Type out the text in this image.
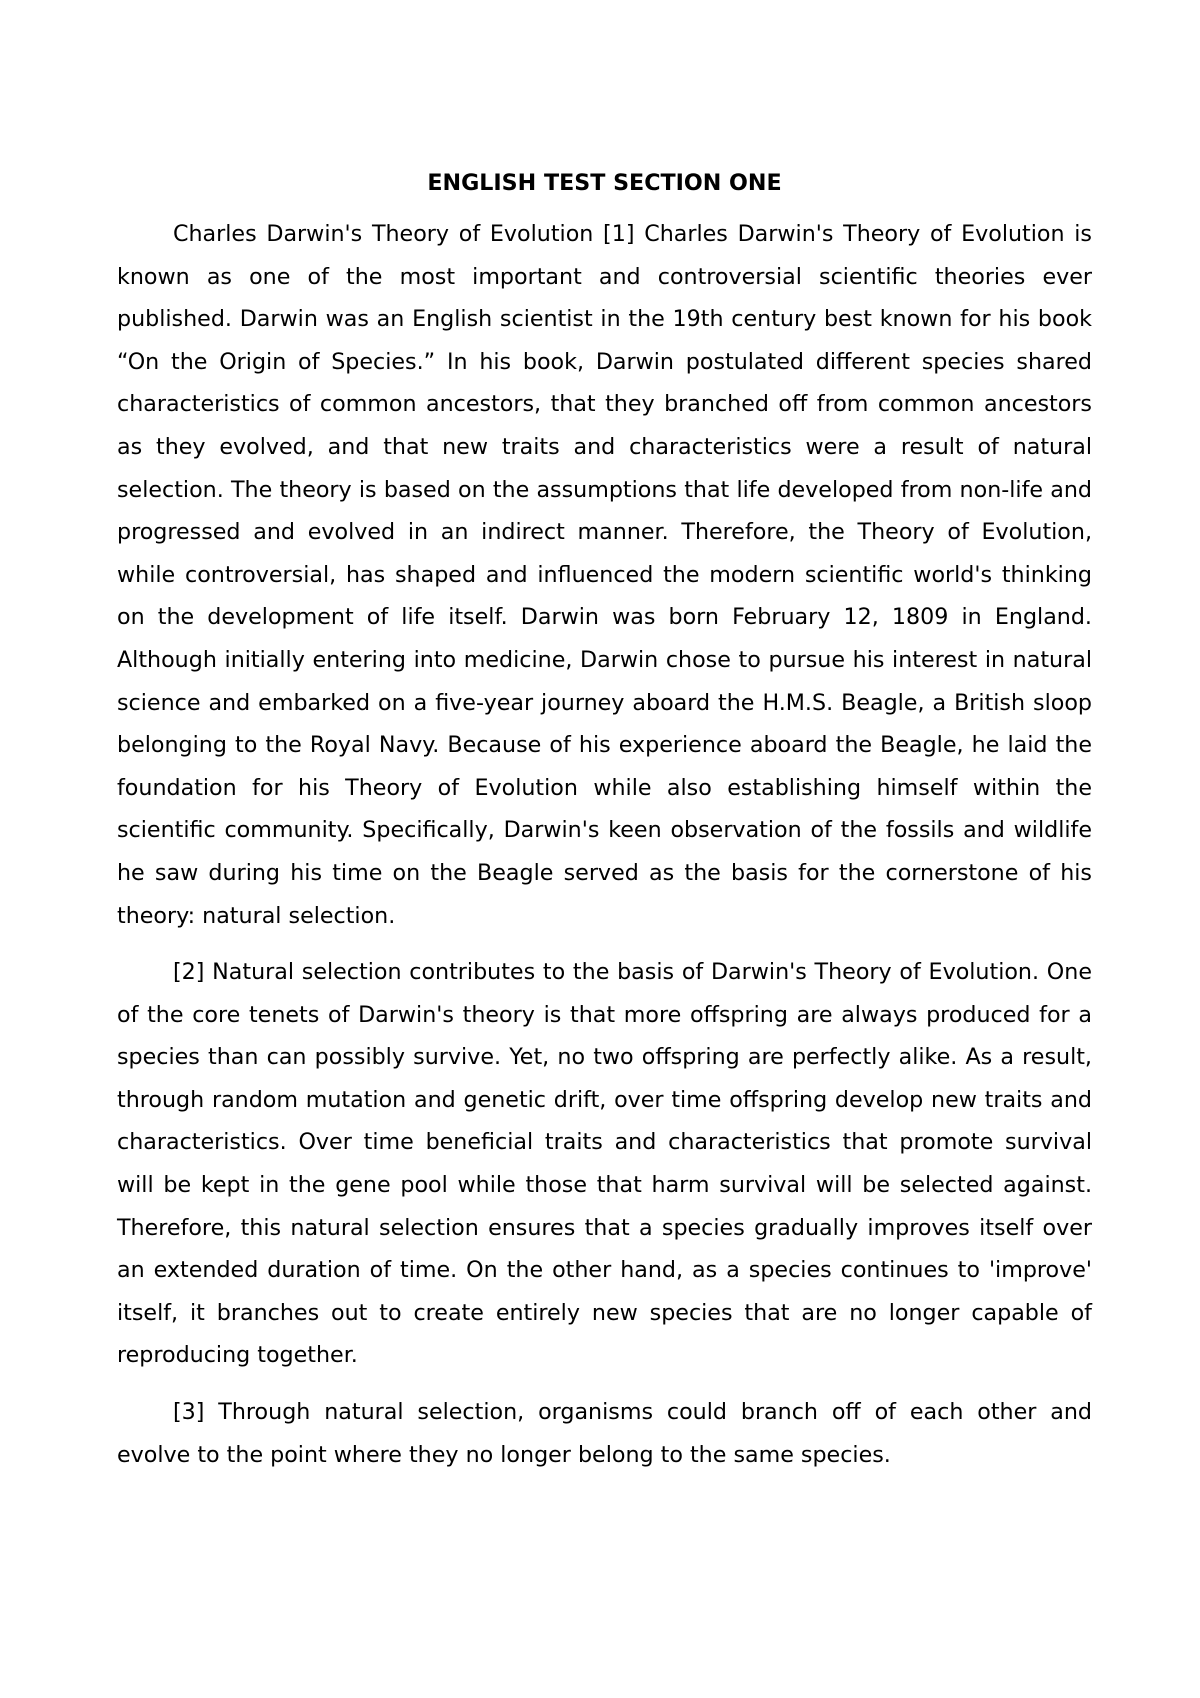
ENGLISH TEST SECTION ONE

Charles Darwin's Theory of Evolution [1] Charles Darwin's Theory of Evolution is known as one of the most important and controversial scientific theories ever published. Darwin was an English scientist in the 19th century best known for his book “On the Origin of Species.” In his book, Darwin postulated different species shared characteristics of common ancestors, that they branched off from common ancestors as they evolved, and that new traits and characteristics were a result of natural selection. The theory is based on the assumptions that life developed from non-life and progressed and evolved in an indirect manner. Therefore, the Theory of Evolution, while controversial, has shaped and influenced the modern scientific world's thinking on the development of life itself. Darwin was born February 12, 1809 in England. Although initially entering into medicine, Darwin chose to pursue his interest in natural science and embarked on a five-year journey aboard the H.M.S. Beagle, a British sloop belonging to the Royal Navy. Because of his experience aboard the Beagle, he laid the foundation for his Theory of Evolution while also establishing himself within the scientific community. Specifically, Darwin's keen observation of the fossils and wildlife he saw during his time on the Beagle served as the basis for the cornerstone of his theory: natural selection.

[2] Natural selection contributes to the basis of Darwin's Theory of Evolution. One of the core tenets of Darwin's theory is that more offspring are always produced for a species than can possibly survive. Yet, no two offspring are perfectly alike. As a result, through random mutation and genetic drift, over time offspring develop new traits and characteristics. Over time beneficial traits and characteristics that promote survival will be kept in the gene pool while those that harm survival will be selected against. Therefore, this natural selection ensures that a species gradually improves itself over an extended duration of time. On the other hand, as a species continues to 'improve' itself, it branches out to create entirely new species that are no longer capable of reproducing together.

[3] Through natural selection, organisms could branch off of each other and evolve to the point where they no longer belong to the same species.
